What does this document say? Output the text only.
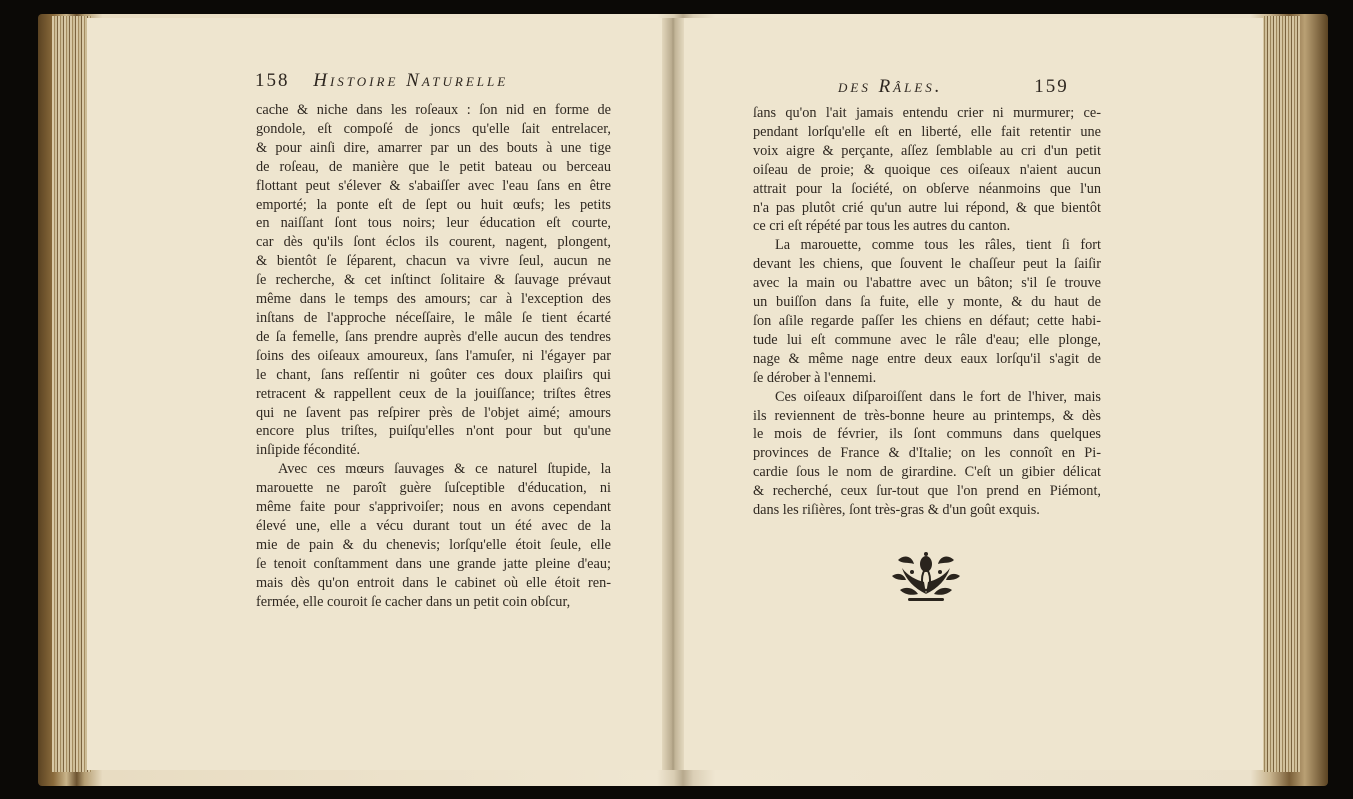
158 Histoire Naturelle	des Râles.	159
cache & niche dans les roſeaux : ſon nid en forme de
gondole, eſt compoſé de joncs qu'elle ſait entrelacer,
& pour ainſi dire, amarrer par un des bouts à une tige
de roſeau, de manière que le petit bateau ou berceau
flottant peut s'élever & s'abaiſſer avec l'eau ſans en être
emporté; la ponte eſt de ſept ou huit œufs; les petits
en naiſſant ſont tous noirs; leur éducation eſt courte,
car dès qu'ils ſont éclos ils courent, nagent, plongent,
& bientôt ſe ſéparent, chacun va vivre ſeul, aucun ne
ſe recherche, & cet inſtinct ſolitaire & ſauvage prévaut
même dans le temps des amours; car à l'exception des
inſtans de l'approche néceſſaire, le mâle ſe tient écarté
de ſa femelle, ſans prendre auprès d'elle aucun des tendres
ſoins des oiſeaux amoureux, ſans l'amuſer, ni l'égayer par
le chant, ſans reſſentir ni goûter ces doux plaiſirs qui
retracent & rappellent ceux de la jouiſſance; triſtes êtres
qui ne ſavent pas reſpirer près de l'objet aimé; amours
encore plus triſtes, puiſqu'elles n'ont pour but qu'une
inſipide fécondité.
Avec ces mœurs ſauvages & ce naturel ſtupide, la
marouette ne paroît guère ſuſceptible d'éducation, ni
même faite pour s'apprivoiſer; nous en avons cependant
élevé une, elle a vécu durant tout un été avec de la
mie de pain & du chenevis; lorſqu'elle étoit ſeule, elle
ſe tenoit conſtamment dans une grande jatte pleine d'eau;
mais dès qu'on entroit dans le cabinet où elle étoit ren-
fermée, elle couroit ſe cacher dans un petit coin obſcur,
ſans qu'on l'ait jamais entendu crier ni murmurer; ce-
pendant lorſqu'elle eſt en liberté, elle fait retentir une
voix aigre & perçante, aſſez ſemblable au cri d'un petit
oiſeau de proie; & quoique ces oiſeaux n'aient aucun
attrait pour la ſociété, on obſerve néanmoins que l'un
n'a pas plutôt crié qu'un autre lui répond, & que bientôt
ce cri eſt répété par tous les autres du canton.
La marouette, comme tous les râles, tient ſi fort
devant les chiens, que ſouvent le chaſſeur peut la ſaiſir
avec la main ou l'abattre avec un bâton; s'il ſe trouve
un buiſſon dans ſa fuite, elle y monte, & du haut de
ſon aſile regarde paſſer les chiens en défaut; cette habi-
tude lui eſt commune avec le râle d'eau; elle plonge,
nage & même nage entre deux eaux lorſqu'il s'agit de
ſe dérober à l'ennemi.
Ces oiſeaux diſparoiſſent dans le fort de l'hiver, mais
ils reviennent de très-bonne heure au printemps, & dès
le mois de février, ils ſont communs dans quelques
provinces de France & d'Italie; on les connoît en Pi-
cardie ſous le nom de girardine. C'eſt un gibier délicat
& recherché, ceux ſur-tout que l'on prend en Piémont,
dans les riſières, ſont très-gras & d'un goût exquis.
